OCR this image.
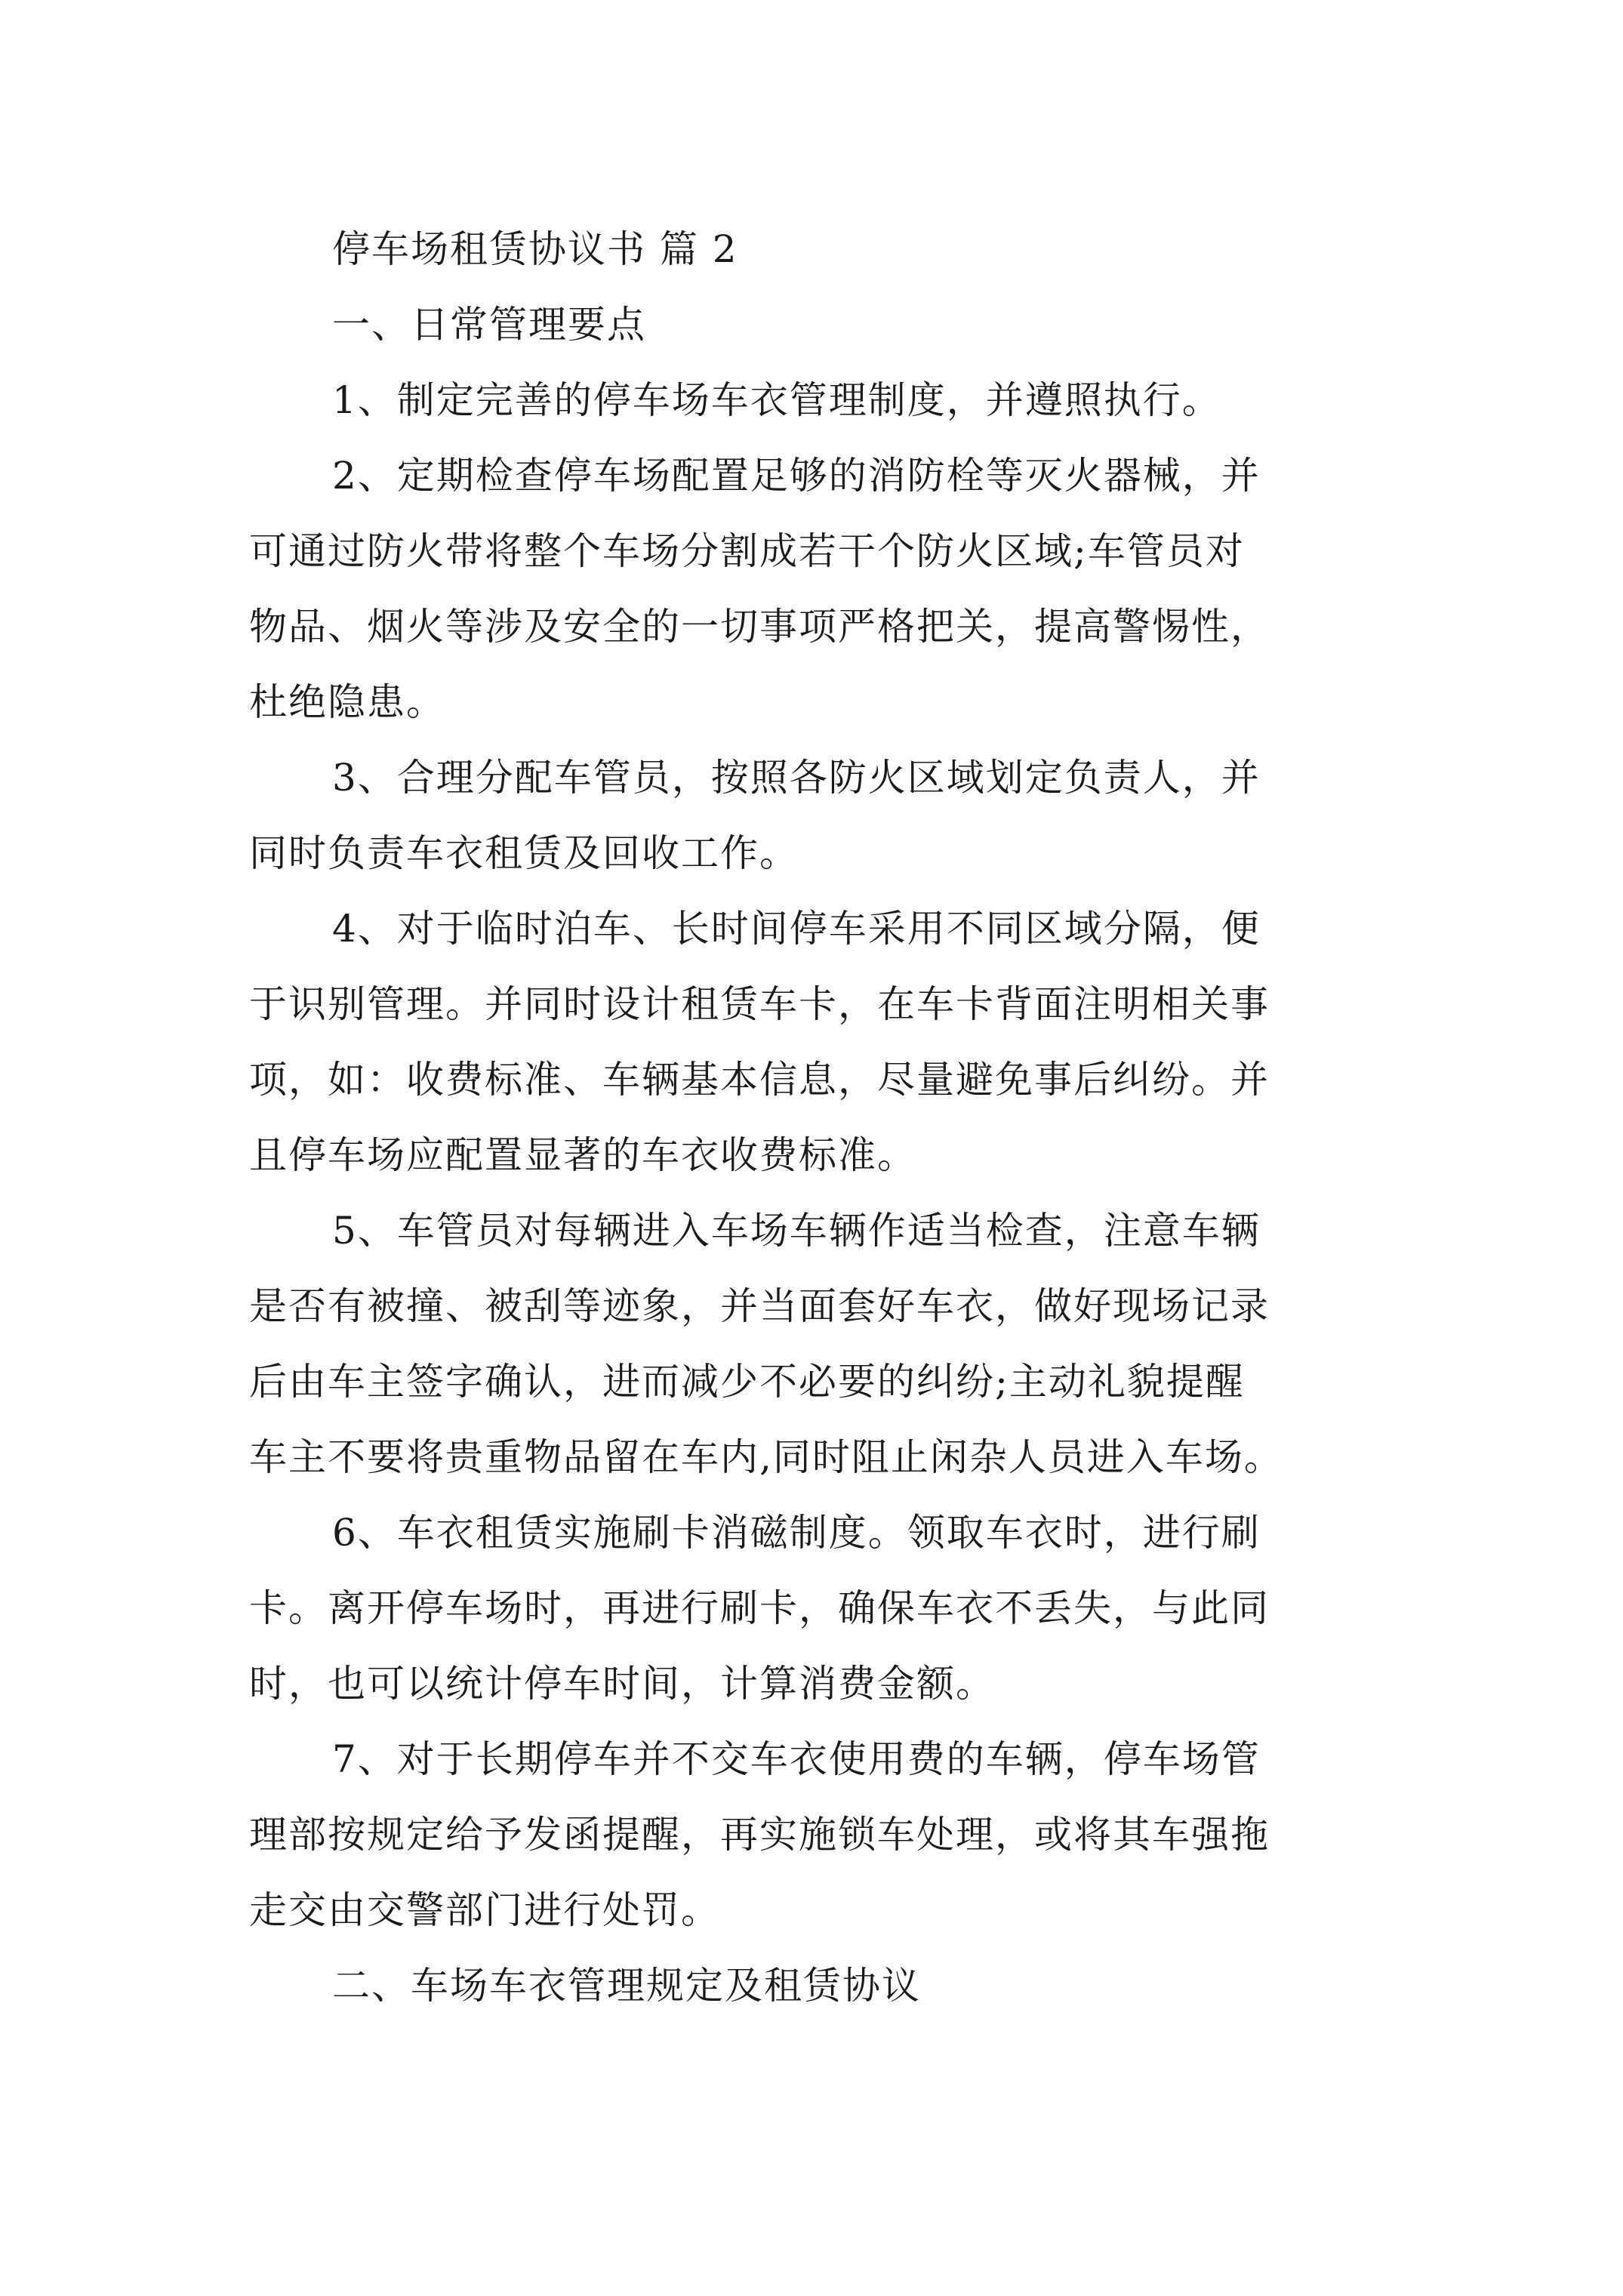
停车场租赁协议书 篇 2
一、日常管理要点
1、制定完善的停车场车衣管理制度，并遵照执行。
2、定期检查停车场配置足够的消防栓等灭火器械，并
可通过防火带将整个车场分割成若干个防火区域;车管员对
物品、烟火等涉及安全的一切事项严格把关，提高警惕性，
杜绝隐患。
3、合理分配车管员，按照各防火区域划定负责人，并
同时负责车衣租赁及回收工作。
4、对于临时泊车、长时间停车采用不同区域分隔，便
于识别管理。并同时设计租赁车卡，在车卡背面注明相关事
项，如：收费标准、车辆基本信息，尽量避免事后纠纷。并
且停车场应配置显著的车衣收费标准。
5、车管员对每辆进入车场车辆作适当检查，注意车辆
是否有被撞、被刮等迹象，并当面套好车衣，做好现场记录
后由车主签字确认，进而减少不必要的纠纷;主动礼貌提醒
车主不要将贵重物品留在车内,同时阻止闲杂人员进入车场。
6、车衣租赁实施刷卡消磁制度。领取车衣时，进行刷
卡。离开停车场时，再进行刷卡，确保车衣不丢失，与此同
时，也可以统计停车时间，计算消费金额。
7、对于长期停车并不交车衣使用费的车辆，停车场管
理部按规定给予发函提醒，再实施锁车处理，或将其车强拖
走交由交警部门进行处罚。
二、车场车衣管理规定及租赁协议
